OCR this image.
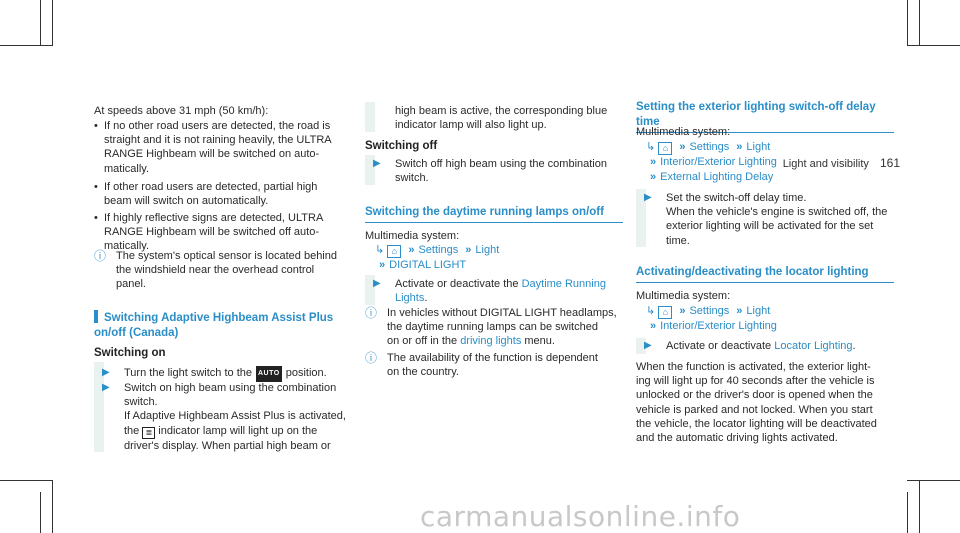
Light and visibility 161
At speeds above 31 mph (50 km/h):
• If no other road users are detected, the road is
straight and it is not raining heavily, the ULTRA
RANGE Highbeam will be switched on auto-
matically.
• If other road users are detected, partial high
beam will switch on automatically.
• If highly reflective signs are detected, ULTRA
RANGE Highbeam will be switched off auto-
matically.
ⓘ The system's optical sensor is located behind
the windshield near the overhead control
panel.
Switching Adaptive Highbeam Assist Plus
on/off (Canada)
Switching on
▶	Turn the light switch to the AUTO position.
▶	Switch on high beam using the combination
switch.
If Adaptive Highbeam Assist Plus is activated,
the ≣ indicator lamp will light up on the
driver's display. When partial high beam or
high beam is active, the corresponding blue
indicator lamp will also light up.
Switching off
▶	Switch off high beam using the combination
switch.
Switching the daytime running lamps on/off
Multimedia system:
↳ ⌂ » Settings » Light
» DIGITAL LIGHT
▶	Activate or deactivate the Daytime Running
Lights.
ⓘ In vehicles without DIGITAL LIGHT headlamps,
the daytime running lamps can be switched
on or off in the driving lights menu.
ⓘ The availability of the function is dependent
on the country.
Setting the exterior lighting switch-off delay time
Multimedia system:
↳ ⌂ » Settings » Light
» Interior/Exterior Lighting
» External Lighting Delay
▶	Set the switch-off delay time.
When the vehicle's engine is switched off, the
exterior lighting will be activated for the set
time.
Activating/deactivating the locator lighting
Multimedia system:
↳ ⌂ » Settings » Light
» Interior/Exterior Lighting
▶	Activate or deactivate Locator Lighting.
When the function is activated, the exterior light-
ing will light up for 40 seconds after the vehicle is
unlocked or the driver's door is opened when the
vehicle is parked and not locked. When you start
the vehicle, the locator lighting will be deactivated
and the automatic driving lights activated.
carmanualsonline.info
